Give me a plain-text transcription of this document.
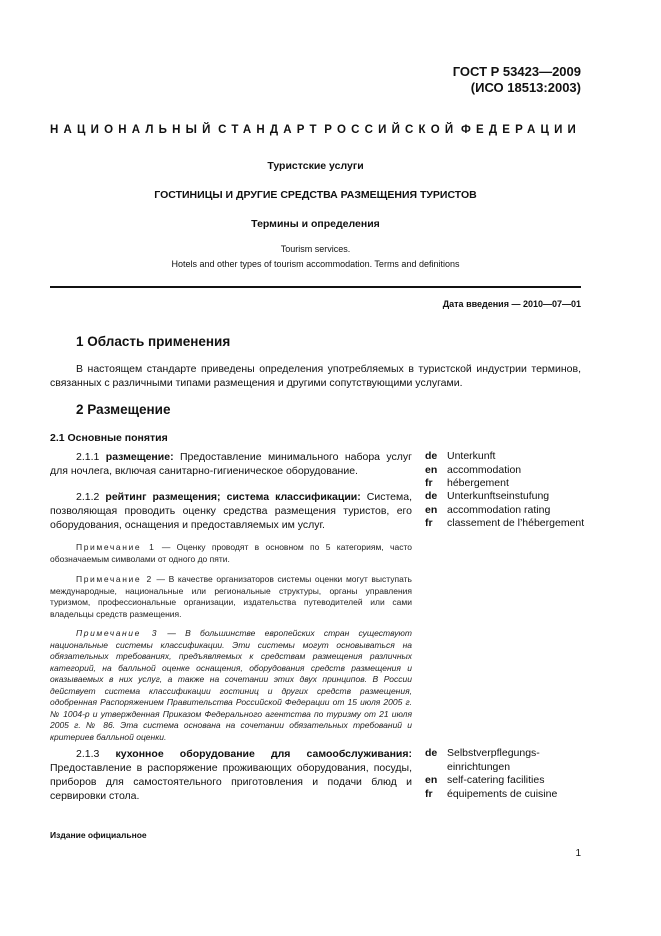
ГОСТ Р 53423—2009
(ИСО 18513:2003)
НАЦИОНАЛЬНЫЙ СТАНДАРТ РОССИЙСКОЙ ФЕДЕРАЦИИ
Туристские услуги
ГОСТИНИЦЫ И ДРУГИЕ СРЕДСТВА РАЗМЕЩЕНИЯ ТУРИСТОВ
Термины и определения
Tourism services.
Hotels and other types of tourism accommodation. Terms and definitions
Дата введения — 2010—07—01
1 Область применения
В настоящем стандарте приведены определения употребляемых в туристской индустрии терминов, связанных с различными типами размещения и другими сопутствующими услугами.
2 Размещение
2.1 Основные понятия
2.1.1 размещение: Предоставление минимального набора услуг для ночлега, включая санитарно-гигиеническое оборудование.
de Unterkunft
en accommodation
fr	hébergement
2.1.2 рейтинг размещения; система классификации: Система, позволяющая проводить оценку средства размещения туристов, его оборудования, оснащения и предоставляемых им услуг.
de Unterkunftseinstufung
en accommodation rating
fr	classement de l’hébergement
Примечание 1 — Оценку проводят в основном по 5 категориям, часто обозначаемым символами от одного до пяти.
Примечание 2 — В качестве организаторов системы оценки могут выступать международные, национальные или региональные структуры, органы управления туризмом, профессиональные организации, издательства путеводителей или сами владельцы средств размещения.
Примечание 3 — В большинстве европейских стран существуют национальные системы классификации. Эти системы могут основываться на обязательных требованиях, предъявляемых к средствам размещения различных категорий, на балльной оценке оснащения, оборудования средств размещения и оказываемых в них услуг, а также на сочетании этих двух принципов. В России действует система классификации гостиниц и других средств размещения, одобренная Распоряжением Правительства Российской Федерации от 15 июля 2005 г. № 1004-р и утвержденная Приказом Федерального агентства по туризму от 21 июля 2005 г. № 86. Эта система основана на сочетании обязательных требований и критериев балльной оценки.
2.1.3 кухонное оборудование для самообслуживания: Предоставление в распоряжение проживающих оборудования, посуды, приборов для самостоятельного приготовления и подачи блюд и сервировки стола.
de Selbstverpflegungs-einrichtungen
en self-catering facilities
fr	équipements de cuisine
Издание официальное
1
